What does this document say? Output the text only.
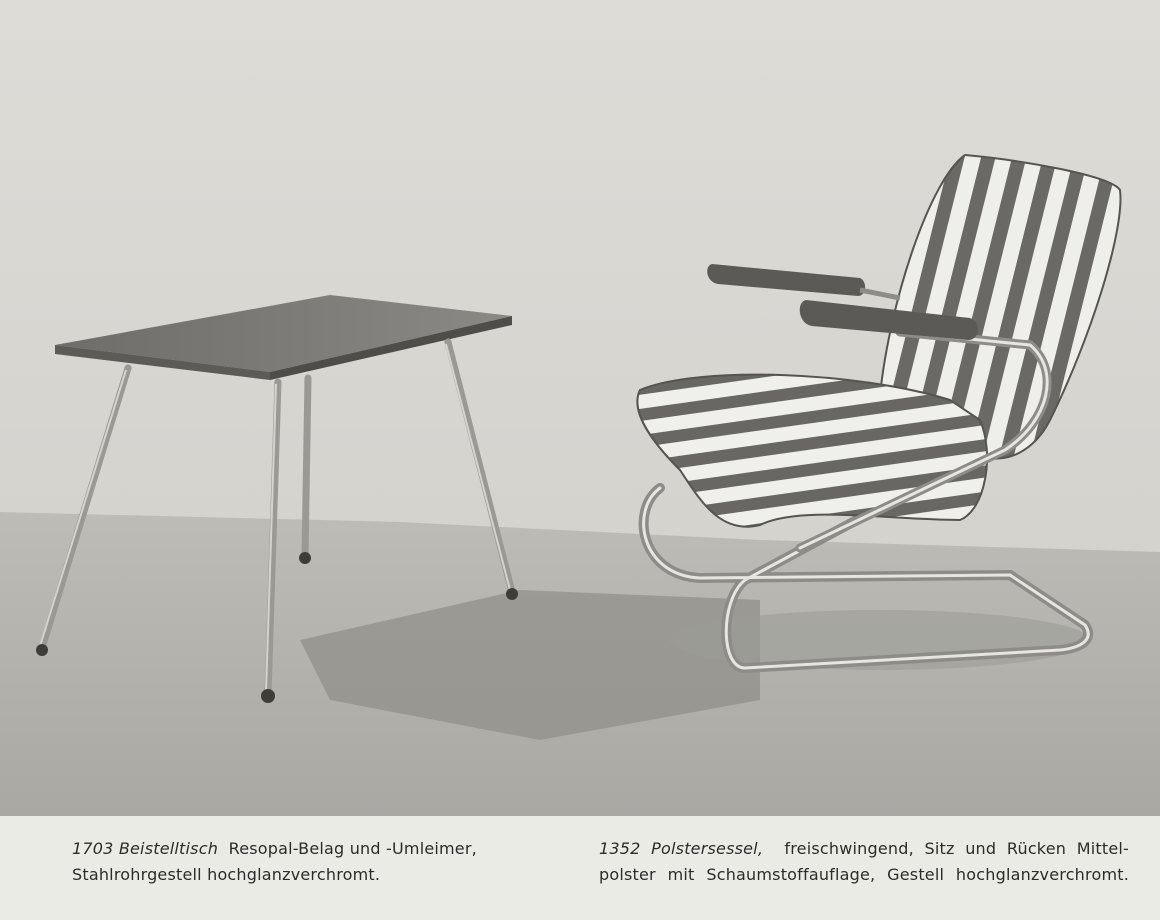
1703 Beistelltisch Resopal-Belag und -Umleimer,
Stahlrohrgestell hochglanzverchromt.
1352 Polstersessel, freischwingend, Sitz und Rücken Mittel-
polster mit Schaumstoffauflage, Gestell hochglanzverchromt.
